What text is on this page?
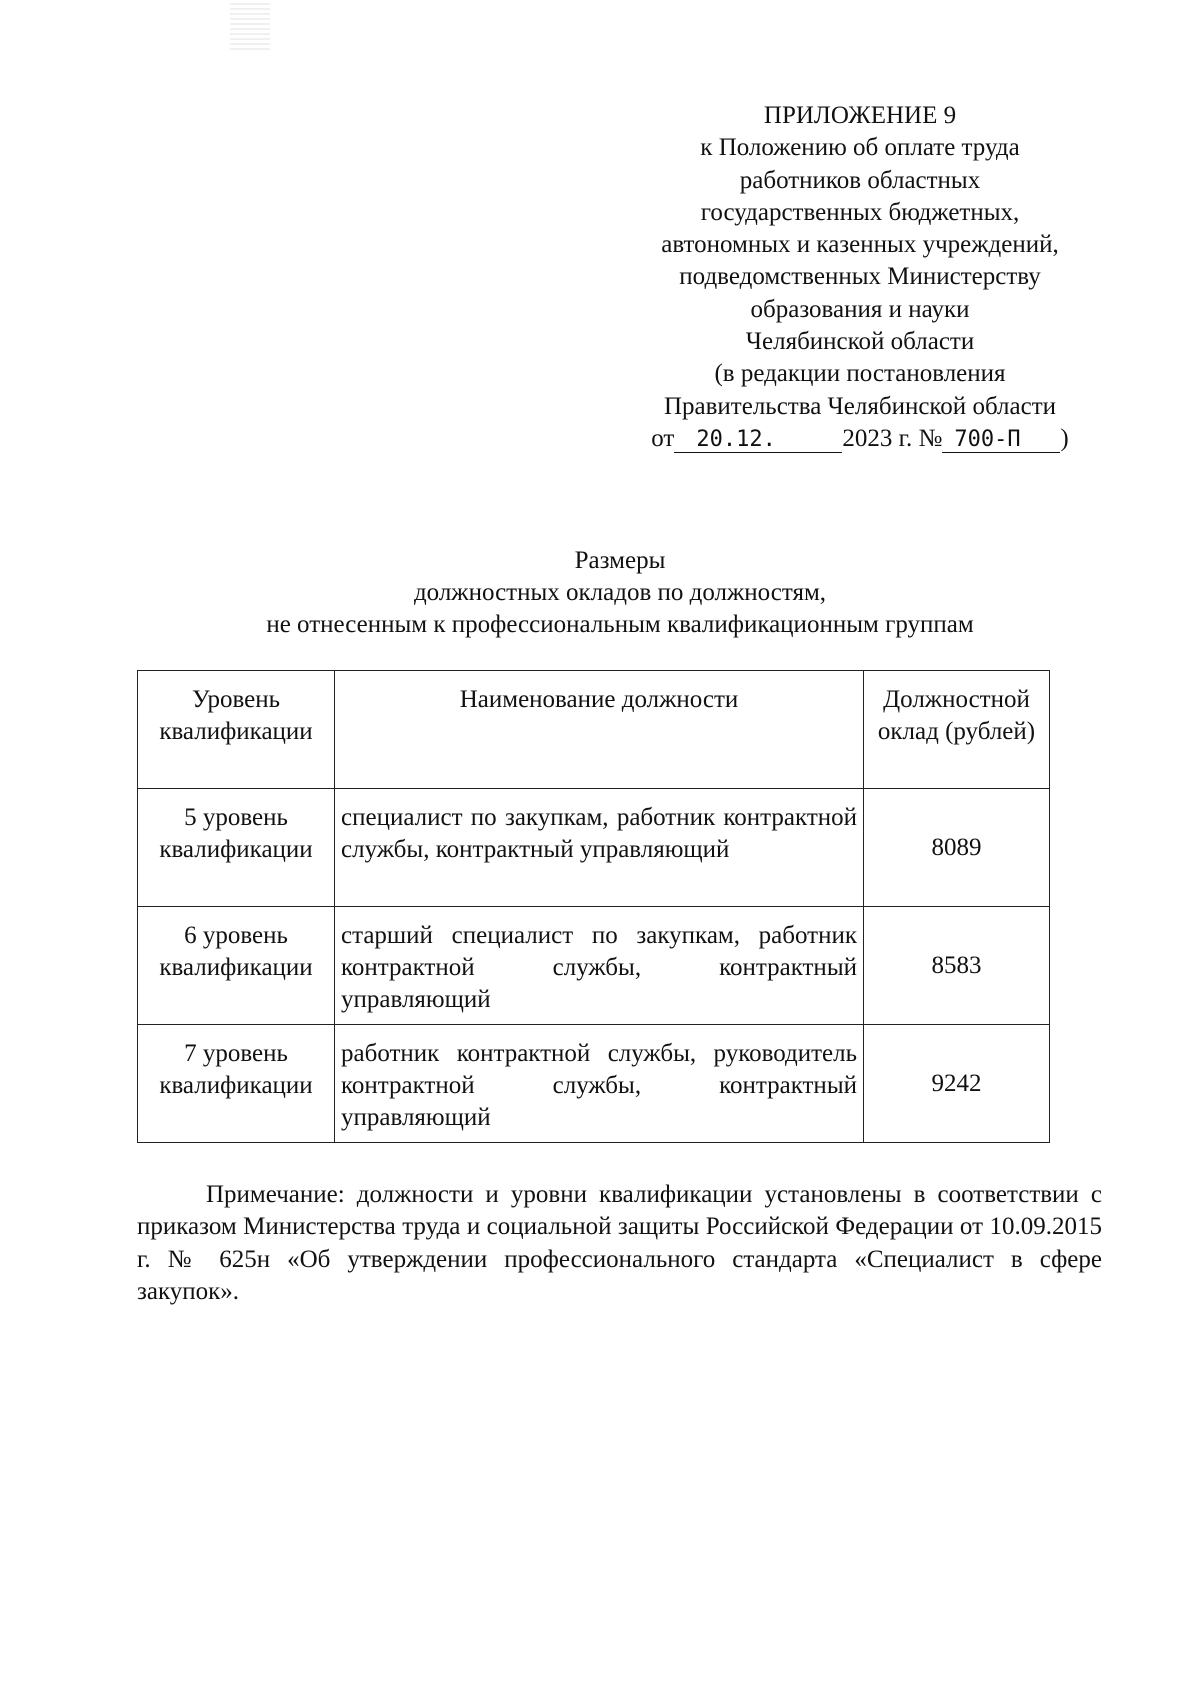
ПРИЛОЖЕНИЕ 9
к Положению об оплате труда
работников областных
государственных бюджетных,
автономных и казенных учреждений,
подведомственных Министерству
образования и науки
Челябинской области
(в редакции постановления
Правительства Челябинской области
от 20.12.	2023 г. № 700-П )
Размеры
должностных окладов по должностям,
не отнесенным к профессиональным квалификационным группам
Уровень квалификации	Наименование должности	Должностной оклад (рублей)
5 уровень квалификации	специалист по закупкам, работник контрактной службы, контрактный управляющий	8089

6 уровень квалификации	старший специалист по закупкам, работник контрактной службы, контрактный управляющий	8583

7 уровень квалификации	работник контрактной службы, руководитель контрактной службы, контрактный управляющий	9242
Примечание: должности и уровни квалификации установлены в соответствии с приказом Министерства труда и социальной защиты Российской Федерации от 10.09.2015 г. № 625н «Об утверждении профессионального стандарта «Специалист в сфере закупок».
